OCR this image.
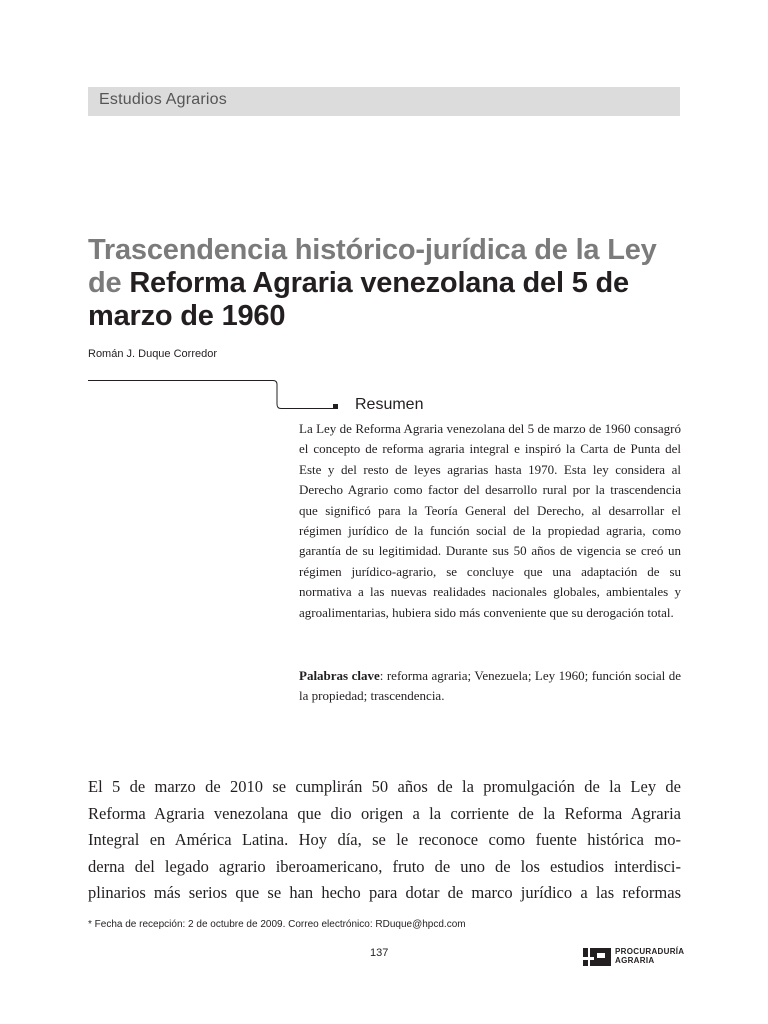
Estudios Agrarios
Trascendencia histórico-jurídica de la Ley de Reforma Agraria venezolana del 5 de marzo de 1960
Román J. Duque Corredor
Resumen
La Ley de Reforma Agraria venezolana del 5 de marzo de 1960 consagró el concepto de reforma agraria integral e inspiró la Carta de Punta del Este y del resto de leyes agrarias hasta 1970. Esta ley considera al Derecho Agrario como factor del desarrollo rural por la trascendencia que significó para la Teoría General del Derecho, al desarrollar el régimen jurídico de la función social de la propiedad agraria, como garantía de su legitimidad. Durante sus 50 años de vigencia se creó un régimen jurídico-agrario, se concluye que una adaptación de su normativa a las nuevas realidades nacionales globales, ambientales y agroalimentarias, hubiera sido más conveniente que su derogación total.
Palabras clave: reforma agraria; Venezuela; Ley 1960; función social de la propiedad; trascendencia.
El 5 de marzo de 2010 se cumplirán 50 años de la promulgación de la Ley de
Reforma Agraria venezolana que dio origen a la corriente de la Reforma Agraria
Integral en América Latina. Hoy día, se le reconoce como fuente histórica mo-
derna del legado agrario iberoamericano, fruto de uno de los estudios interdisci-
plinarios más serios que se han hecho para dotar de marco jurídico a las reformas
* Fecha de recepción: 2 de octubre de 2009. Correo electrónico: RDuque@hpcd.com
137	PROCURADURÍA
AGRARIA
